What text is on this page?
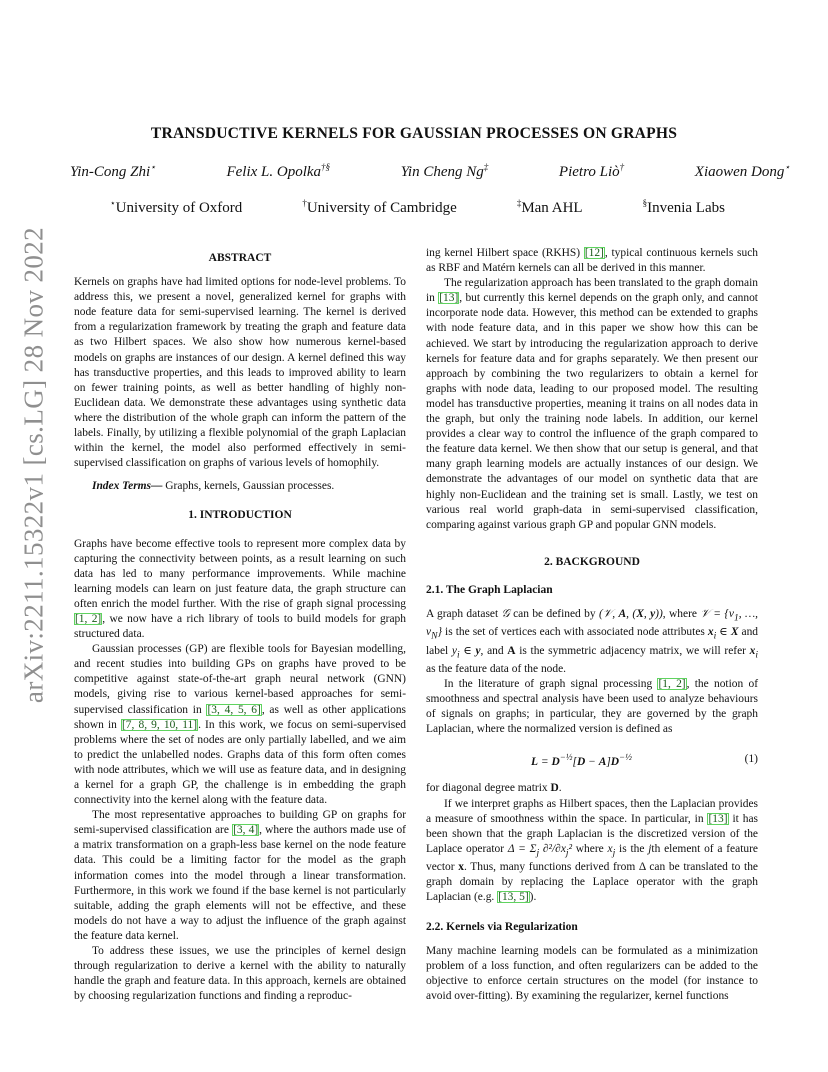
arXiv:2211.15322v1 [cs.LG] 28 Nov 2022
TRANSDUCTIVE KERNELS FOR GAUSSIAN PROCESSES ON GRAPHS
Yin-Cong Zhi⋆	Felix L. Opolka†§	Yin Cheng Ng‡	Pietro Liò†	Xiaowen Dong⋆
⋆University of Oxford	†University of Cambridge	‡Man AHL	§Invenia Labs

ABSTRACT

Kernels on graphs have had limited options for node-level problems. To address this, we present a novel, generalized kernel for graphs with node feature data for semi-supervised learning. The kernel is derived from a regularization framework by treating the graph and feature data as two Hilbert spaces. We also show how numerous kernel-based models on graphs are instances of our design. A kernel defined this way has transductive properties, and this leads to improved ability to learn on fewer training points, as well as better handling of highly non-Euclidean data. We demonstrate these advantages using synthetic data where the distribution of the whole graph can inform the pattern of the labels. Finally, by utilizing a flexible polynomial of the graph Laplacian within the kernel, the model also performed effectively in semi-supervised classification on graphs of various levels of homophily.

Index Terms— Graphs, kernels, Gaussian processes.

1. INTRODUCTION

Graphs have become effective tools to represent more complex data by capturing the connectivity between points, as a result learning on such data has led to many performance improvements. While machine learning models can learn on just feature data, the graph structure can often enrich the model further. With the rise of graph signal processing [1, 2], we now have a rich library of tools to build models for graph structured data.

Gaussian processes (GP) are flexible tools for Bayesian modelling, and recent studies into building GPs on graphs have proved to be competitive against state-of-the-art graph neural network (GNN) models, giving rise to various kernel-based approaches for semi-supervised classification in [3, 4, 5, 6], as well as other applications shown in [7, 8, 9, 10, 11]. In this work, we focus on semi-supervised problems where the set of nodes are only partially labelled, and we aim to predict the unlabelled nodes. Graphs data of this form often comes with node attributes, which we will use as feature data, and in designing a kernel for a graph GP, the challenge is in embedding the graph connectivity into the kernel along with the feature data.

The most representative approaches to building GP on graphs for semi-supervised classification are [3, 4], where the authors made use of a matrix transformation on a graph-less base kernel on the node feature data. This could be a limiting factor for the model as the graph information comes into the model through a linear transformation. Furthermore, in this work we found if the base kernel is not particularly suitable, adding the graph elements will not be effective, and these models do not have a way to adjust the influence of the graph against the feature data kernel.

To address these issues, we use the principles of kernel design through regularization to derive a kernel with the ability to naturally handle the graph and feature data. In this approach, kernels are obtained by choosing regularization functions and finding a reproduc-

ing kernel Hilbert space (RKHS) [12], typical continuous kernels such as RBF and Matérn kernels can all be derived in this manner.

The regularization approach has been translated to the graph domain in [13], but currently this kernel depends on the graph only, and cannot incorporate node data. However, this method can be extended to graphs with node feature data, and in this paper we show how this can be achieved. We start by introducing the regularization approach to derive kernels for feature data and for graphs separately. We then present our approach by combining the two regularizers to obtain a kernel for graphs with node data, leading to our proposed model. The resulting model has transductive properties, meaning it trains on all nodes data in the graph, but only the training node labels. In addition, our kernel provides a clear way to control the influence of the graph compared to the feature data kernel. We then show that our setup is general, and that many graph learning models are actually instances of our design. We demonstrate the advantages of our model on synthetic data that are highly non-Euclidean and the training set is small. Lastly, we test on various real world graph-data in semi-supervised classification, comparing against various graph GP and popular GNN models.

2. BACKGROUND

2.1. The Graph Laplacian

A graph dataset 𝒢 can be defined by (𝒱, A, (X, y)), where 𝒱 = {$v_1$, …, $v_N$} is the set of vertices each with associated node attributes $x_i$ ∈ X and label $y_i$ ∈ y, and A is the symmetric adjacency matrix, we will refer $x_i$ as the feature data of the node.

In the literature of graph signal processing [1, 2], the notion of smoothness and spectral analysis have been used to analyze behaviours of signals on graphs; in particular, they are governed by the graph Laplacian, where the normalized version is defined as

$L = D^{-\frac{1}{2}}[D - A]D^{-\frac{1}{2}}$	(1)

for diagonal degree matrix D.

If we interpret graphs as Hilbert spaces, then the Laplacian provides a measure of smoothness within the space. In particular, in [13] it has been shown that the graph Laplacian is the discretized version of the Laplace operator $\Delta = \Sigma_j$ $\partial^2/\partial x_j^2$ where $x_j$ is the jth element of a feature vector x. Thus, many functions derived from Δ can be translated to the graph domain by replacing the Laplace operator with the graph Laplacian (e.g. [13, 5]).

2.2. Kernels via Regularization

Many machine learning models can be formulated as a minimization problem of a loss function, and often regularizers can be added to the objective to enforce certain structures on the model (for instance to avoid over-fitting). By examining the regularizer, kernel functions
